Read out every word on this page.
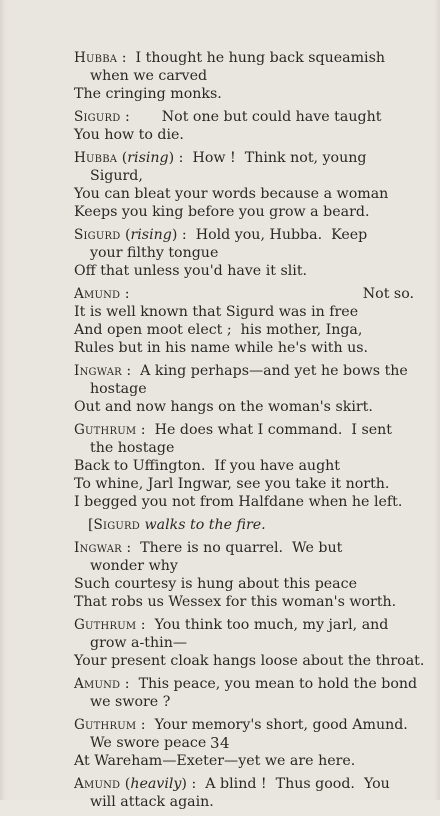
Hubba :  I thought he hung back squeamish
when we carved
The cringing monks.
Sigurd : Not one but could have taught
You how to die.
Hubba (rising) :  How !  Think not, young
Sigurd,
You can bleat your words because a woman
Keeps you king before you grow a beard.
Sigurd (rising) :  Hold you, Hubba.  Keep
your filthy tongue
Off that unless you'd have it slit.
Amund :	Not so.
It is well known that Sigurd was in free
And open moot elect ;  his mother, Inga,
Rules but in his name while he's with us.
Ingwar :  A king perhaps—and yet he bows the
hostage
Out and now hangs on the woman's skirt.
Guthrum :  He does what I command.  I sent
the hostage
Back to Uffington.  If you have aught
To whine, Jarl Ingwar, see you take it north.
I begged you not from Halfdane when he left.
[Sigurd walks to the fire.
Ingwar :  There is no quarrel.  We but
wonder why
Such courtesy is hung about this peace
That robs us Wessex for this woman's worth.
Guthrum :  You think too much, my jarl, and
grow a-thin—
Your present cloak hangs loose about the throat.
Amund :  This peace, you mean to hold the bond
we swore ?
Guthrum :  Your memory's short, good Amund.
We swore peace
At Wareham—Exeter—yet we are here.
Amund (heavily) :  A blind !  Thus good.  You
will attack again.
34
